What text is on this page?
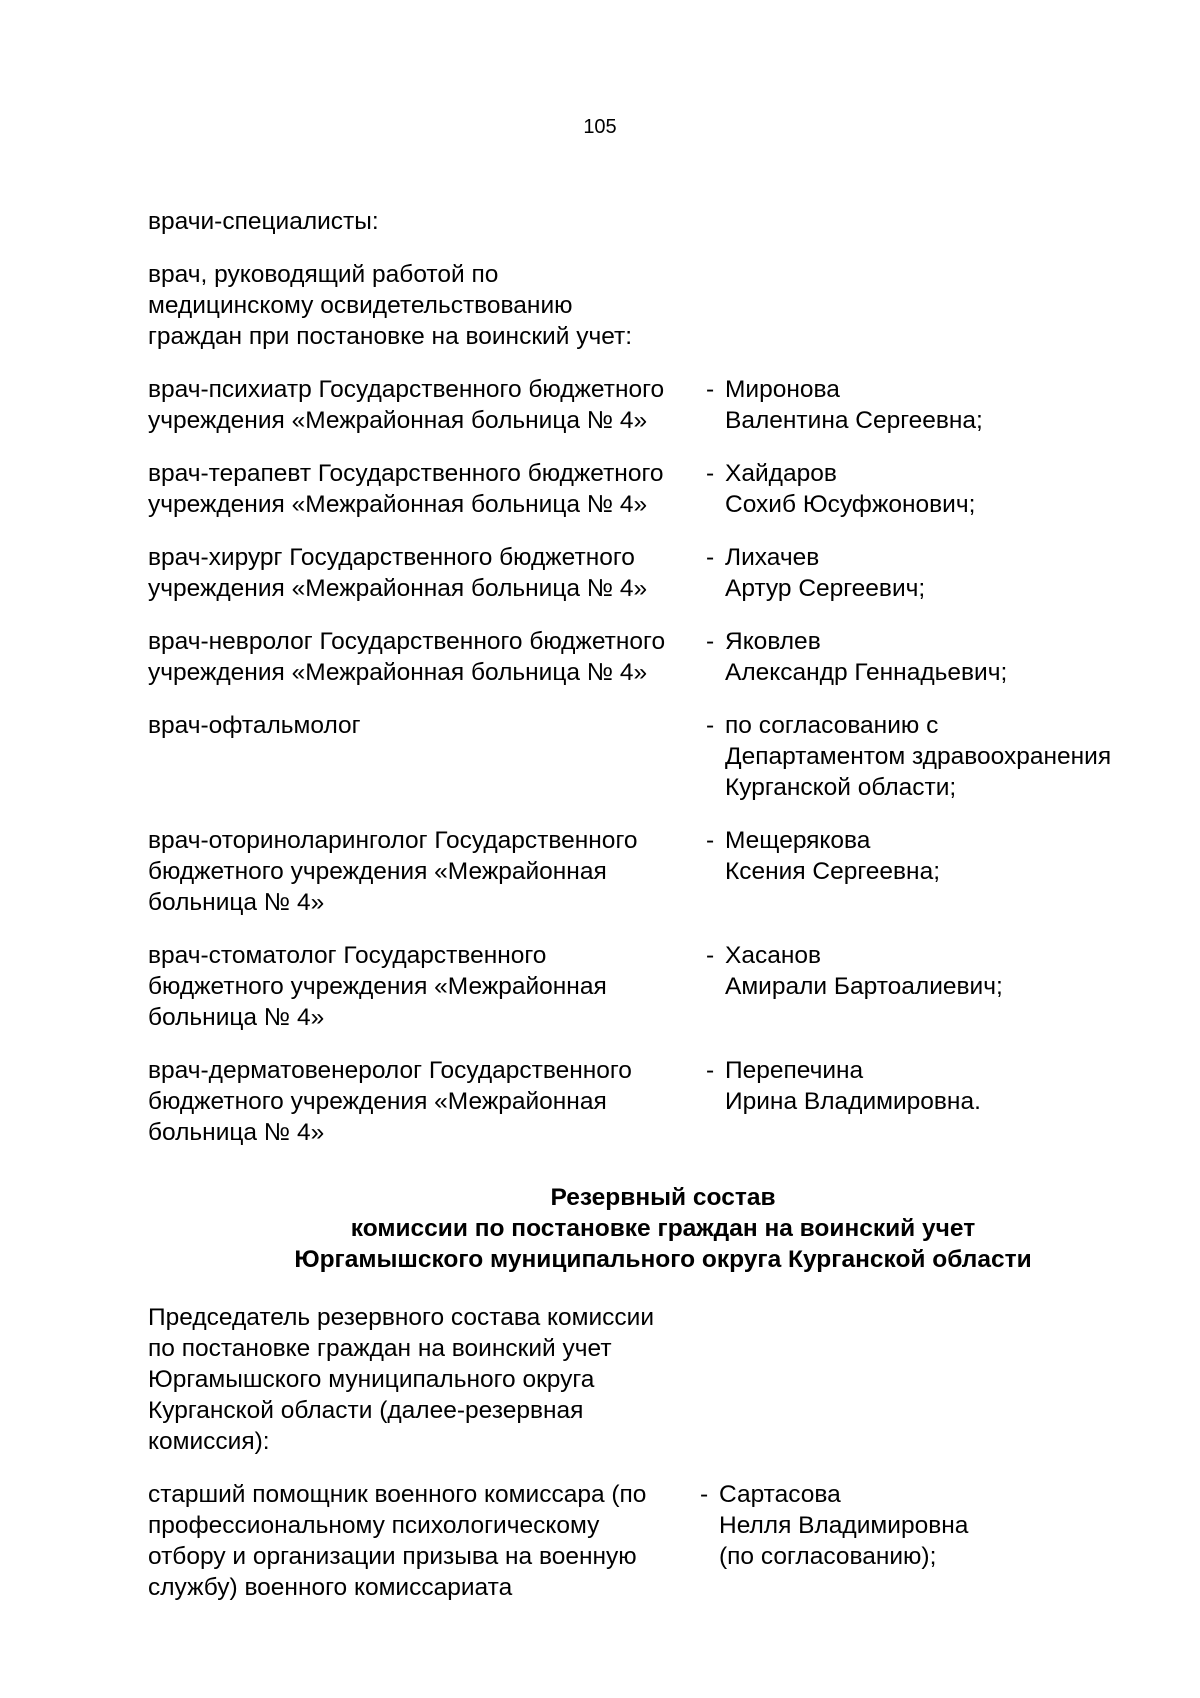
105
врачи-специалисты:
врач, руководящий работой по
медицинскому освидетельствованию
граждан при постановке на воинский учет:
врач-психиатр Государственного бюджетного
учреждения «Межрайонная больница № 4»
- Миронова
Валентина Сергеевна;
врач-терапевт Государственного бюджетного
учреждения «Межрайонная больница № 4»
- Хайдаров
Сохиб Юсуфжонович;
врач-хирург Государственного бюджетного
учреждения «Межрайонная больница № 4»
- Лихачев
Артур Сергеевич;
врач-невролог Государственного бюджетного
учреждения «Межрайонная больница № 4»
- Яковлев
Александр Геннадьевич;
врач-офтальмолог	- по согласованию с
Департаментом здравоохранения
Курганской области;
врач-оториноларинголог Государственного
бюджетного учреждения «Межрайонная
больница № 4»
- Мещерякова
Ксения Сергеевна;
врач-стоматолог Государственного
бюджетного учреждения «Межрайонная
больница № 4»
- Хасанов
Амирали Бартоалиевич;
врач-дерматовенеролог Государственного
бюджетного учреждения «Межрайонная
больница № 4»
- Перепечина
Ирина Владимировна.
Резервный состав
комиссии по постановке граждан на воинский учет
Юргамышского муниципального округа Курганской области
Председатель резервного состава комиссии
по постановке граждан на воинский учет
Юргамышского муниципального округа
Курганской области (далее-резервная
комиссия):
старший помощник военного комиссара (по
профессиональному психологическому
отбору и организации призыва на военную
службу) военного комиссариата
- Сартасова
Нелля Владимировна
(по согласованию);
